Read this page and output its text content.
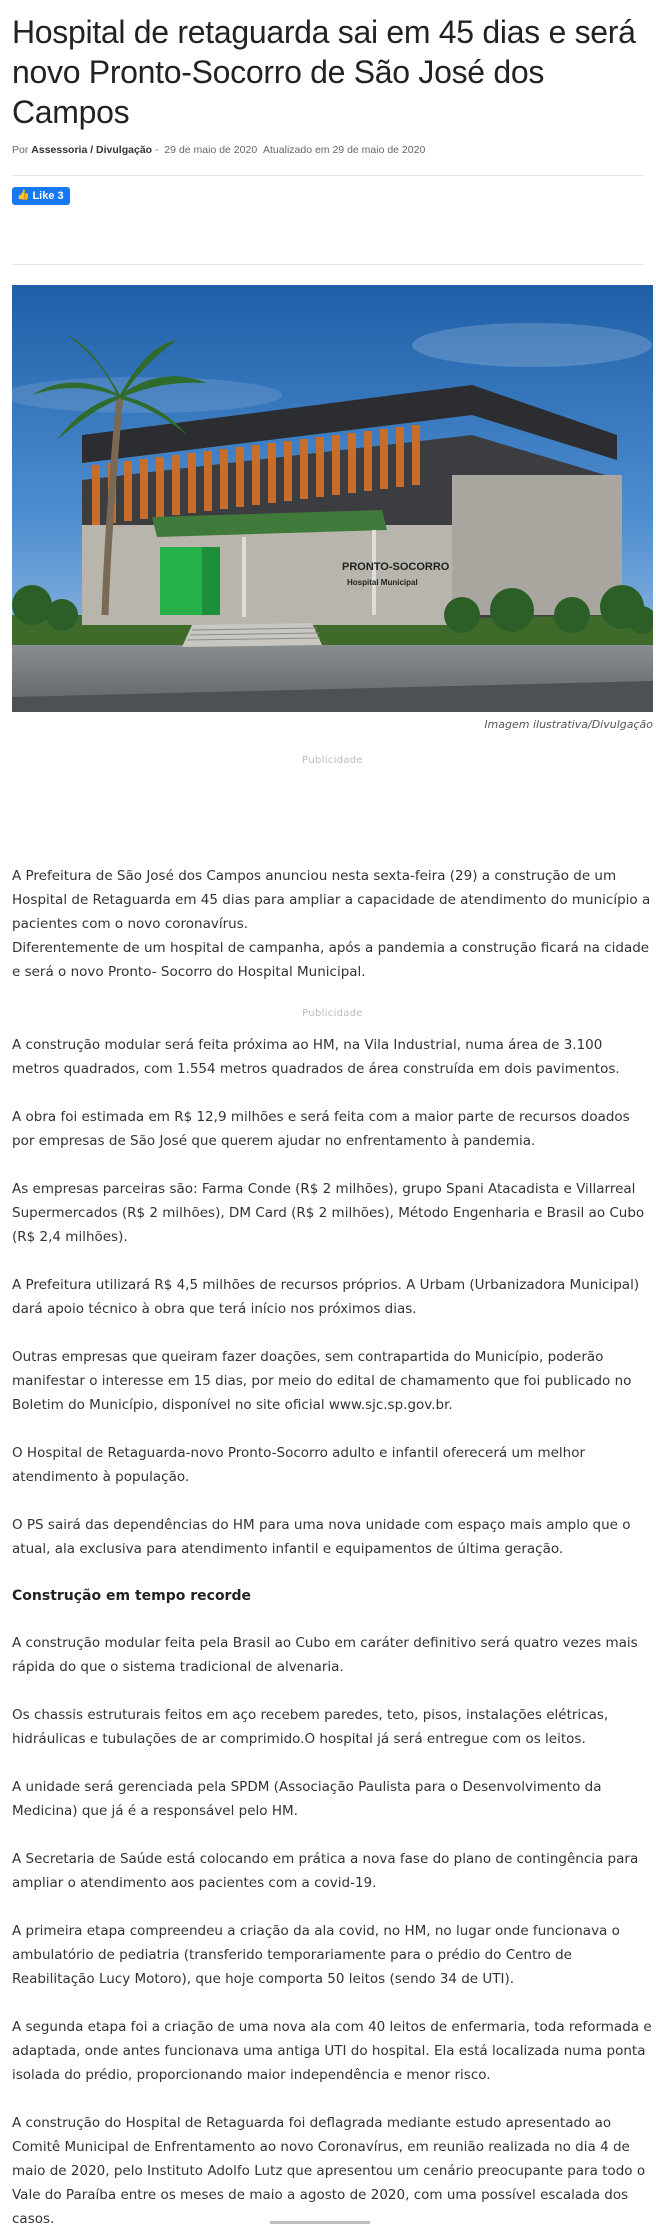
Hospital de retaguarda sai em 45 dias e será novo Pronto-Socorro de São José dos Campos
Por Assessoria / Divulgação - 29 de maio de 2020 Atualizado em 29 de maio de 2020
👍 Like 3
PRONTO-SOCORRO
Hospital Municipal
Imagem ilustrativa/Divulgação
Publicidade

A Prefeitura de São José dos Campos anunciou nesta sexta-feira (29) a construção de um Hospital de Retaguarda em 45 dias para ampliar a capacidade de atendimento do município a pacientes com o novo coronavírus.

Diferentemente de um hospital de campanha, após a pandemia a construção ficará na cidade e será o novo Pronto- Socorro do Hospital Municipal.

Publicidade

A construção modular será feita próxima ao HM, na Vila Industrial, numa área de 3.100 metros quadrados, com 1.554 metros quadrados de área construída em dois pavimentos.

A obra foi estimada em R$ 12,9 milhões e será feita com a maior parte de recursos doados por empresas de São José que querem ajudar no enfrentamento à pandemia.

As empresas parceiras são: Farma Conde (R$ 2 milhões), grupo Spani Atacadista e Villarreal Supermercados (R$ 2 milhões), DM Card (R$ 2 milhões), Método Engenharia e Brasil ao Cubo (R$ 2,4 milhões).

A Prefeitura utilizará R$ 4,5 milhões de recursos próprios. A Urbam (Urbanizadora Municipal) dará apoio técnico à obra que terá início nos próximos dias.

Outras empresas que queiram fazer doações, sem contrapartida do Município, poderão manifestar o interesse em 15 dias, por meio do edital de chamamento que foi publicado no Boletim do Município, disponível no site oficial www.sjc.sp.gov.br.

O Hospital de Retaguarda-novo Pronto-Socorro adulto e infantil oferecerá um melhor atendimento à população.

O PS sairá das dependências do HM para uma nova unidade com espaço mais amplo que o atual, ala exclusiva para atendimento infantil e equipamentos de última geração.

Construção em tempo recorde

A construção modular feita pela Brasil ao Cubo em caráter definitivo será quatro vezes mais rápida do que o sistema tradicional de alvenaria.

Os chassis estruturais feitos em aço recebem paredes, teto, pisos, instalações elétricas, hidráulicas e tubulações de ar comprimido.O hospital já será entregue com os leitos.

A unidade será gerenciada pela SPDM (Associação Paulista para o Desenvolvimento da Medicina) que já é a responsável pelo HM.

A Secretaria de Saúde está colocando em prática a nova fase do plano de contingência para ampliar o atendimento aos pacientes com a covid-19.

A primeira etapa compreendeu a criação da ala covid, no HM, no lugar onde funcionava o ambulatório de pediatria (transferido temporariamente para o prédio do Centro de Reabilitação Lucy Motoro), que hoje comporta 50 leitos (sendo 34 de UTI).

A segunda etapa foi a criação de uma nova ala com 40 leitos de enfermaria, toda reformada e adaptada, onde antes funcionava uma antiga UTI do hospital. Ela está localizada numa ponta isolada do prédio, proporcionando maior independência e menor risco.

A construção do Hospital de Retaguarda foi deflagrada mediante estudo apresentado ao Comitê Municipal de Enfrentamento ao novo Coronavírus, em reunião realizada no dia 4 de maio de 2020, pelo Instituto Adolfo Lutz que apresentou um cenário preocupante para todo o Vale do Paraíba entre os meses de maio a agosto de 2020, com uma possível escalada dos casos.
